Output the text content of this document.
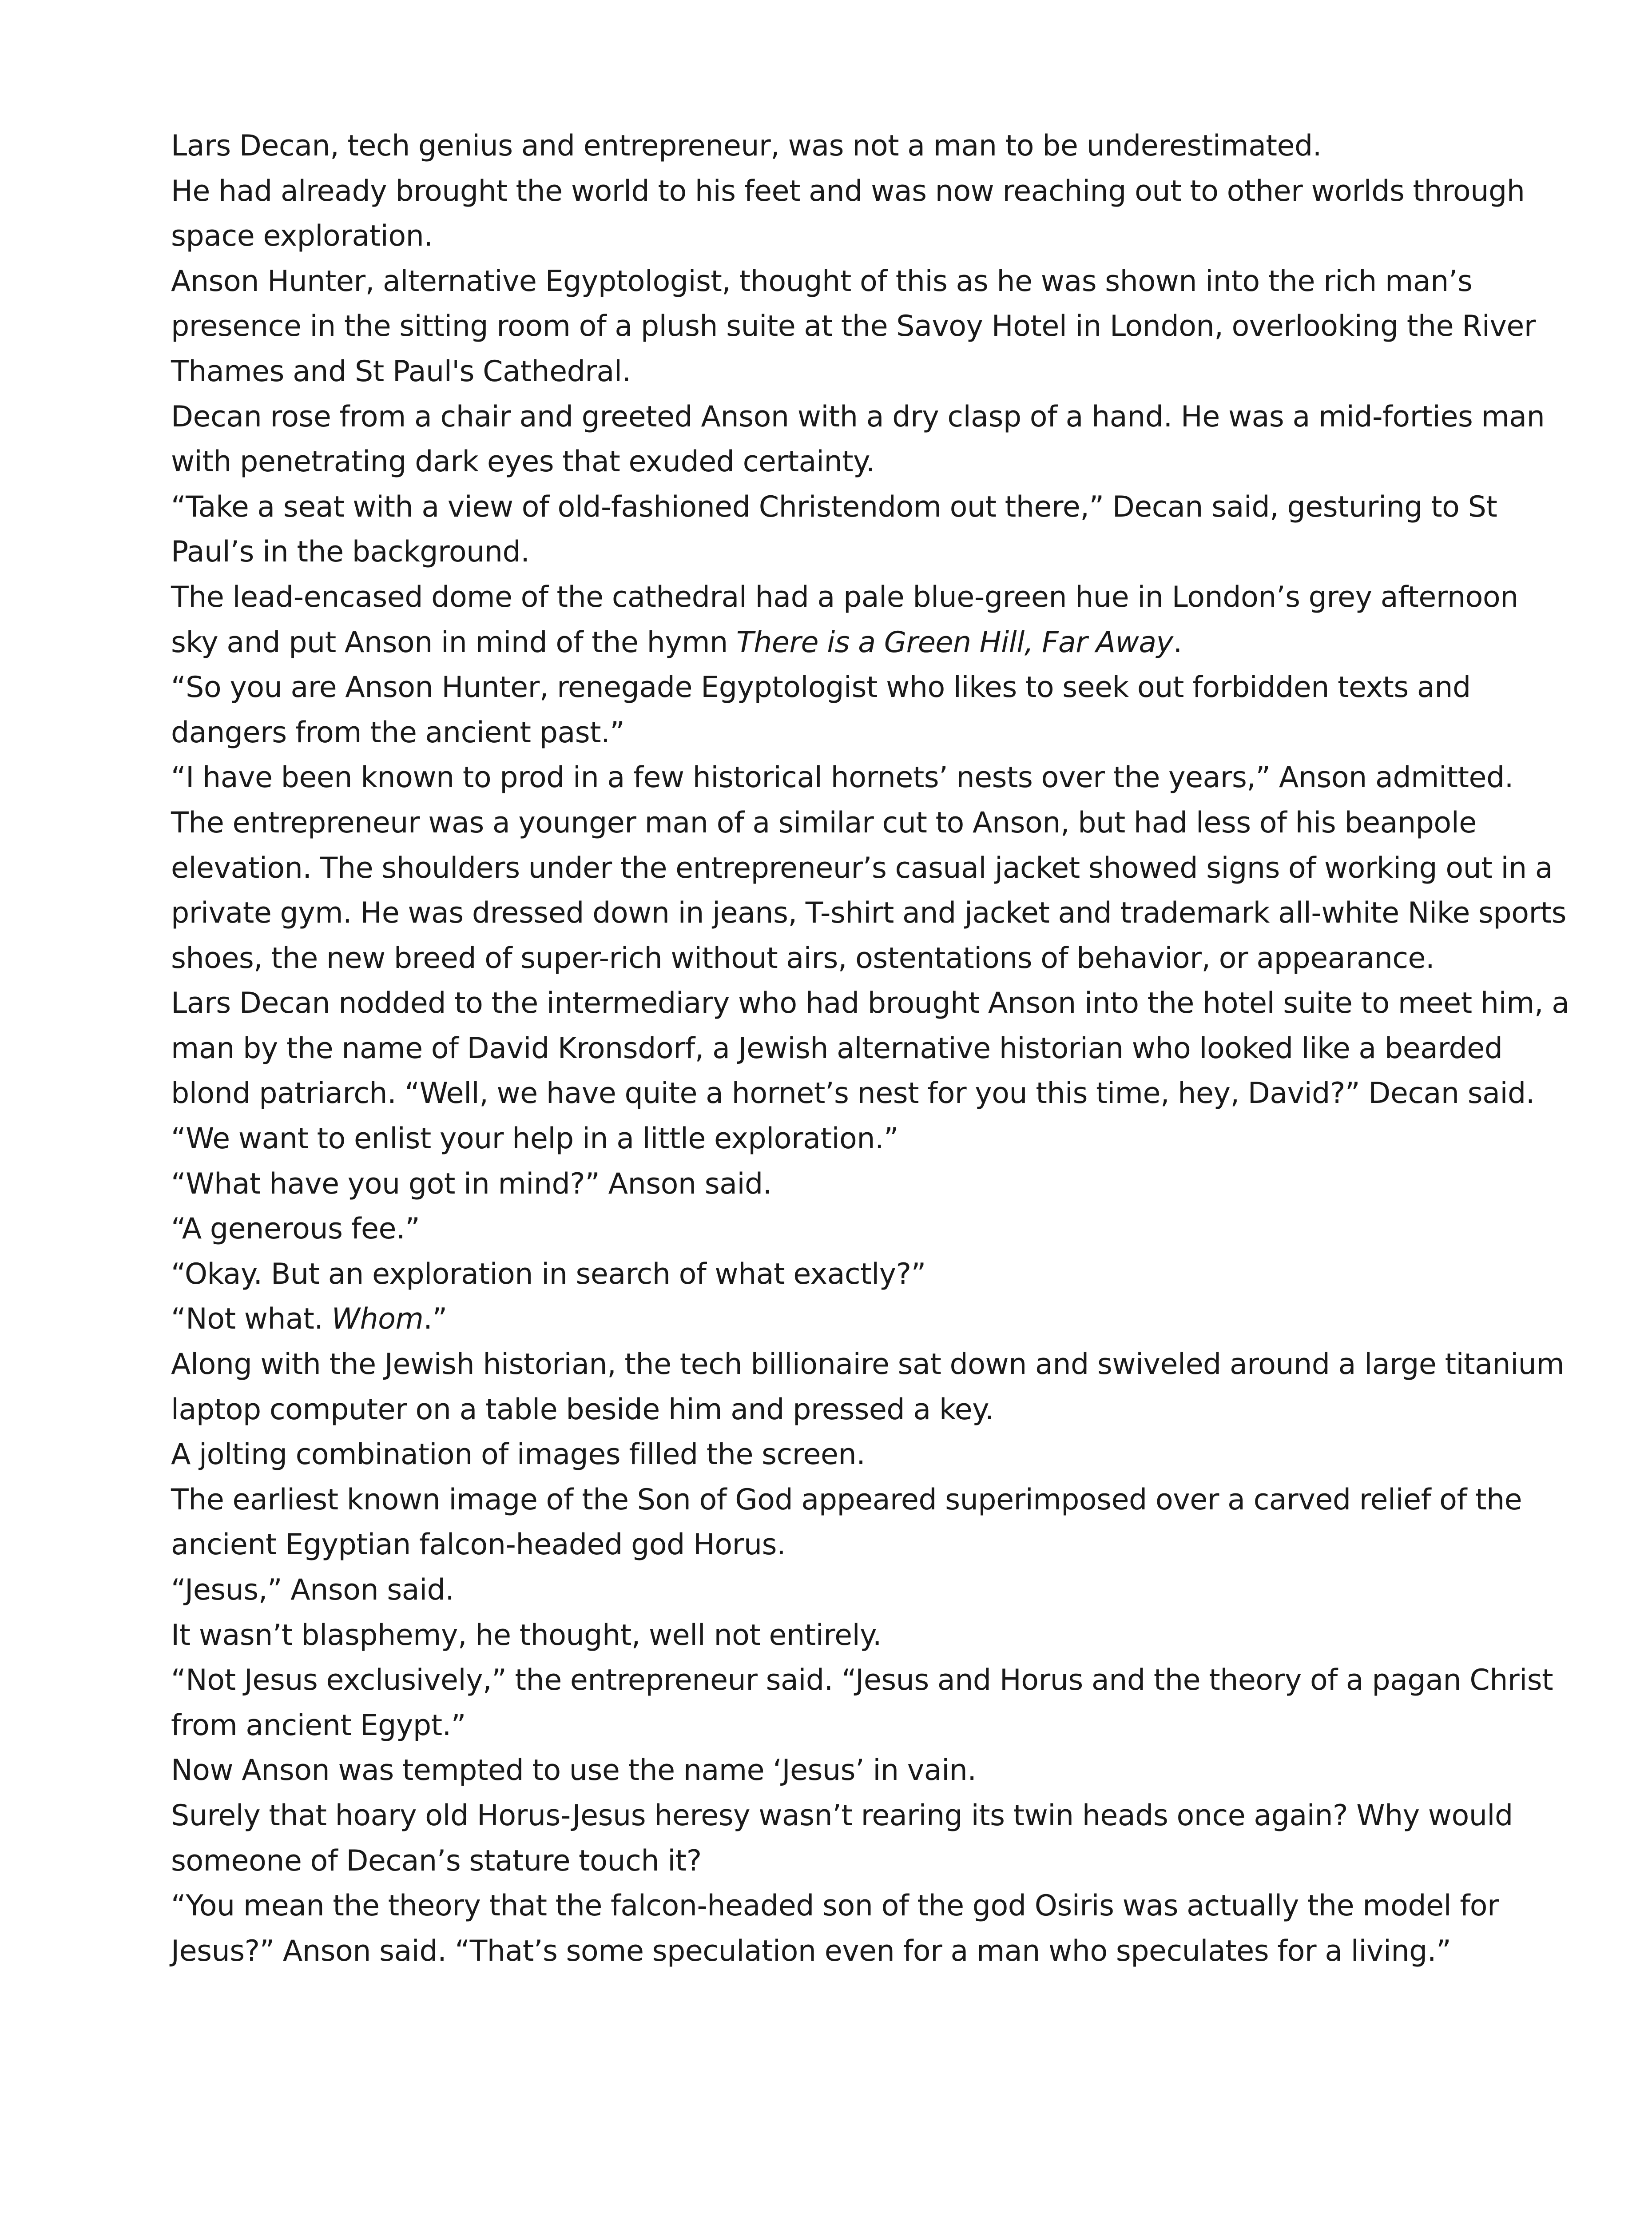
Lars Decan, tech genius and entrepreneur, was not a man to be underestimated.

He had already brought the world to his feet and was now reaching out to other worlds through space exploration.

Anson Hunter, alternative Egyptologist, thought of this as he was shown into the rich man’s presence in the sitting room of a plush suite at the Savoy Hotel in London, overlooking the River Thames and St Paul's Cathedral.

Decan rose from a chair and greeted Anson with a dry clasp of a hand. He was a mid-forties man with penetrating dark eyes that exuded certainty.

“Take a seat with a view of old-fashioned Christendom out there,” Decan said, gesturing to St Paul’s in the background.

The lead-encased dome of the cathedral had a pale blue-green hue in London’s grey afternoon sky and put Anson in mind of the hymn There is a Green Hill, Far Away.

“So you are Anson Hunter, renegade Egyptologist who likes to seek out forbidden texts and dangers from the ancient past.”

“I have been known to prod in a few historical hornets’ nests over the years,” Anson admitted.

The entrepreneur was a younger man of a similar cut to Anson, but had less of his beanpole elevation. The shoulders under the entrepreneur’s casual jacket showed signs of working out in a private gym. He was dressed down in jeans, T-shirt and jacket and trademark all-white Nike sports shoes, the new breed of super-rich without airs, ostentations of behavior, or appearance.

Lars Decan nodded to the intermediary who had brought Anson into the hotel suite to meet him, a man by the name of David Kronsdorf, a Jewish alternative historian who looked like a bearded blond patriarch. “Well, we have quite a hornet’s nest for you this time, hey, David?” Decan said. “We want to enlist your help in a little exploration.”

“What have you got in mind?” Anson said.

“A generous fee.”

“Okay. But an exploration in search of what exactly?”

“Not what. Whom.”

Along with the Jewish historian, the tech billionaire sat down and swiveled around a large titanium laptop computer on a table beside him and pressed a key.

A jolting combination of images filled the screen.

The earliest known image of the Son of God appeared superimposed over a carved relief of the ancient Egyptian falcon-headed god Horus.

“Jesus,” Anson said.

It wasn’t blasphemy, he thought, well not entirely.

“Not Jesus exclusively,” the entrepreneur said. “Jesus and Horus and the theory of a pagan Christ from ancient Egypt.”

Now Anson was tempted to use the name ‘Jesus’ in vain.

Surely that hoary old Horus-Jesus heresy wasn’t rearing its twin heads once again? Why would someone of Decan’s stature touch it?

“You mean the theory that the falcon-headed son of the god Osiris was actually the model for Jesus?” Anson said. “That’s some speculation even for a man who speculates for a living.”
